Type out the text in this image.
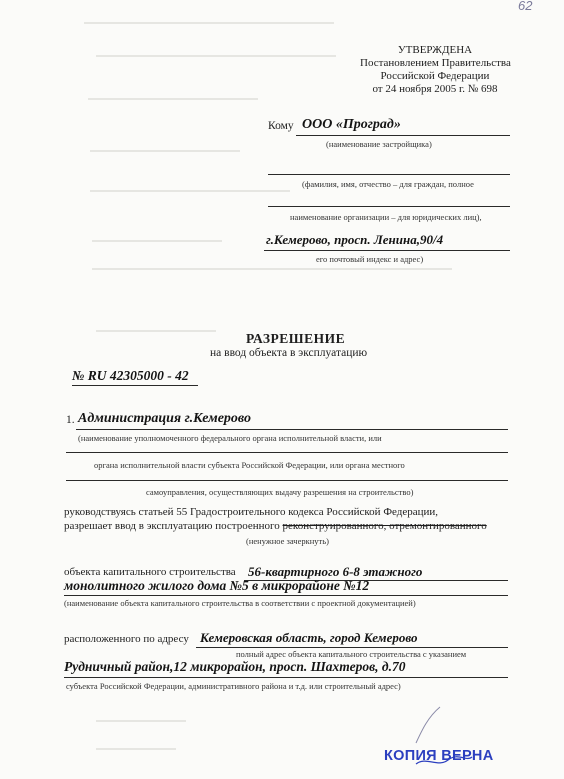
62
УТВЕРЖДЕНА
Постановлением Правительства
Российской Федерации
от 24 ноября 2005 г. № 698
Кому ООО «Проград»
(наименование застройщика)
(фамилия, имя, отчество – для граждан, полное
наименование организации – для юридических лиц),
г.Кемерово, просп. Ленина,90/4
его почтовый индекс и адрес)
РАЗРЕШЕНИЕ
на ввод объекта в эксплуатацию
№ RU 42305000 - 42
1. Администрация г.Кемерово
(наименование уполномоченного федерального органа исполнительной власти, или
органа исполнительной власти субъекта Российской Федерации, или органа местного
самоуправления, осуществляющих выдачу разрешения на строительство)
руководствуясь статьей 55 Градостроительного кодекса Российской Федерации,
разрешает ввод в эксплуатацию построенного реконструированного, отремонтированного
(ненужное зачеркнуть)
объекта капитального строительства 56-квартирного 6-8 этажного
монолитного жилого дома №5 в микрорайоне №12
(наименование объекта капитального строительства в соответствии с проектной документацией)
расположенного по адресу Кемеровская область, город Кемерово
полный адрес объекта капитального строительства с указанием
Рудничный район,12 микрорайон, просп. Шахтеров, д.70
субъекта Российской Федерации, административного района и т.д. или строительный адрес)
КОПИЯ ВЕРНА
